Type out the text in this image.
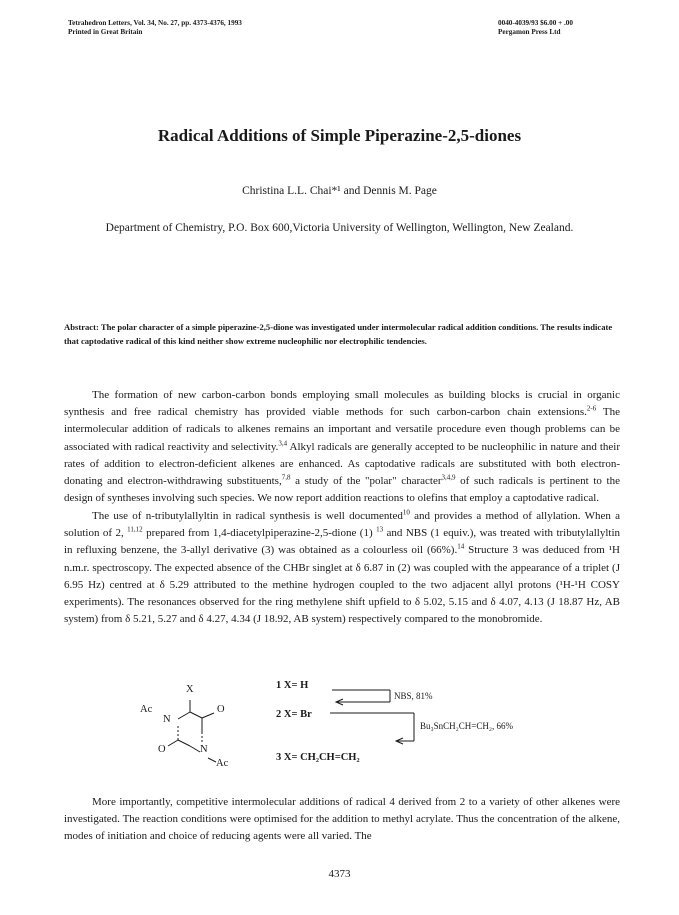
Tetrahedron Letters, Vol. 34, No. 27, pp. 4373-4376, 1993
Printed in Great Britain
0040-4039/93 $6.00 + .00
Pergamon Press Ltd
Radical Additions of Simple Piperazine-2,5-diones
Christina L.L. Chai*¹ and Dennis M. Page
Department of Chemistry, P.O. Box 600,Victoria University of Wellington, Wellington, New Zealand.
Abstract: The polar character of a simple piperazine-2,5-dione was investigated under intermolecular radical addition conditions. The results indicate that captodative radical of this kind neither show extreme nucleophilic nor electrophilic tendencies.

The formation of new carbon-carbon bonds employing small molecules as building blocks is crucial in organic synthesis and free radical chemistry has provided viable methods for such carbon-carbon chain extensions.$^{2-6}$ The intermolecular addition of radicals to alkenes remains an important and versatile procedure even though problems can be associated with radical reactivity and selectivity.$^{3,4}$ Alkyl radicals are generally accepted to be nucleophilic in nature and their rates of addition to electron-deficient alkenes are enhanced. As captodative radicals are substituted with both electron-donating and electron-withdrawing substituents,$^{7,8}$ a study of the "polar" character$^{3,4,9}$ of such radicals is pertinent to the design of syntheses involving such species. We now report addition reactions to olefins that employ a captodative radical.

The use of n-tributylallyltin in radical synthesis is well documented$^{10}$ and provides a method of allylation. When a solution of 2, $^{11,12}$ prepared from 1,4-diacetylpiperazine-2,5-dione (1) $^{13}$ and NBS (1 equiv.), was treated with tributylallyltin in refluxing benzene, the 3-allyl derivative (3) was obtained as a colourless oil (66%).$^{14}$ Structure 3 was deduced from ¹H n.m.r. spectroscopy. The expected absence of the CHBr singlet at δ 6.87 in (2) was coupled with the appearance of a triplet (J 6.95 Hz) centred at δ 5.29 attributed to the methine hydrogen coupled to the two adjacent allyl protons (¹H-¹H COSY experiments). The resonances observed for the ring methylene shift upfield to δ 5.02, 5.15 and δ 4.07, 4.13 (J 18.87 Hz, AB system) from δ 5.21, 5.27 and δ 4.27, 4.34 (J 18.92, AB system) respectively compared to the monobromide.

X
Ac
N
O
O	N
Ac
1 X= H
2 X= Br
3 X= CH₂CH=CH₂
NBS, 81%
Bu₃SnCH₂CH=CH₂, 66%

More importantly, competitive intermolecular additions of radical 4 derived from 2 to a variety of other alkenes were investigated. The reaction conditions were optimised for the addition to methyl acrylate. Thus the concentration of the alkene, modes of initiation and choice of reducing agents were all varied. The

4373
